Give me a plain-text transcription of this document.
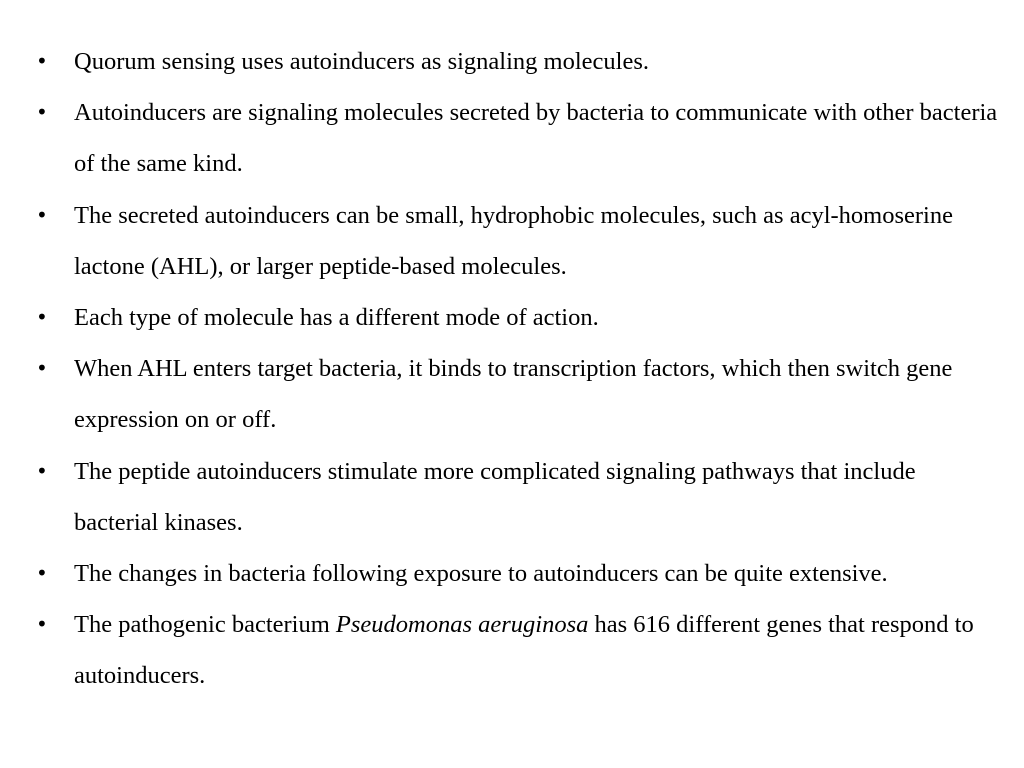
• Quorum sensing uses autoinducers as signaling molecules.
• Autoinducers are signaling molecules secreted by bacteria to communicate with other bacteria of the same kind.
• The secreted autoinducers can be small, hydrophobic molecules, such as acyl-homoserine lactone (AHL), or larger peptide-based molecules.
• Each type of molecule has a different mode of action.
• When AHL enters target bacteria, it binds to transcription factors, which then switch gene expression on or off.
• The peptide autoinducers stimulate more complicated signaling pathways that include bacterial kinases.
• The changes in bacteria following exposure to autoinducers can be quite extensive.
• The pathogenic bacterium Pseudomonas aeruginosa has 616 different genes that respond to autoinducers.
